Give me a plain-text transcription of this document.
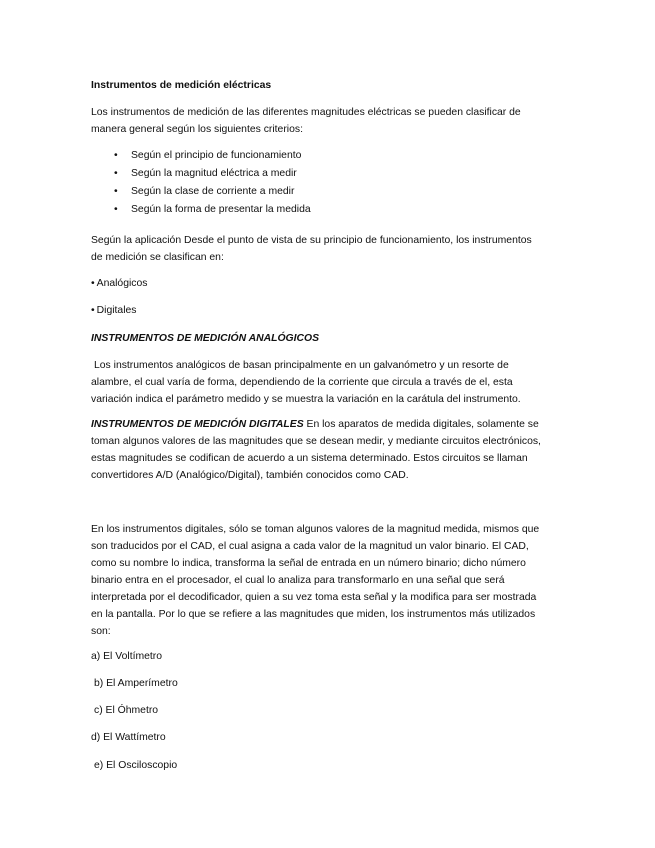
Instrumentos de medición eléctricas

Los instrumentos de medición de las diferentes magnitudes eléctricas se pueden clasificar de manera general según los siguientes criterios:

• Según el principio de funcionamiento
• Según la magnitud eléctrica a medir
• Según la clase de corriente a medir
• Según la forma de presentar la medida

Según la aplicación Desde el punto de vista de su principio de funcionamiento, los instrumentos de medición se clasifican en:

• Analógicos
• Digitales
INSTRUMENTOS DE MEDICIÓN ANALÓGICOS

Los instrumentos analógicos de basan principalmente en un galvanómetro y un resorte de alambre, el cual varía de forma, dependiendo de la corriente que circula a través de el, esta variación indica el parámetro medido y se muestra la variación en la carátula del instrumento.

INSTRUMENTOS DE MEDICIÓN DIGITALES En los aparatos de medida digitales, solamente se toman algunos valores de las magnitudes que se desean medir, y mediante circuitos electrónicos, estas magnitudes se codifican de acuerdo a un sistema determinado. Estos circuitos se llaman convertidores A/D (Analógico/Digital), también conocidos como CAD.

En los instrumentos digitales, sólo se toman algunos valores de la magnitud medida, mismos que son traducidos por el CAD, el cual asigna a cada valor de la magnitud un valor binario. El CAD, como su nombre lo indica, transforma la señal de entrada en un número binario; dicho número binario entra en el procesador, el cual lo analiza para transformarlo en una señal que será interpretada por el decodificador, quien a su vez toma esta señal y la modifica para ser mostrada en la pantalla. Por lo que se refiere a las magnitudes que miden, los instrumentos más utilizados son:

a) El Voltímetro
b) El Amperímetro
c) El Óhmetro
d) El Wattímetro
e) El Osciloscopio
